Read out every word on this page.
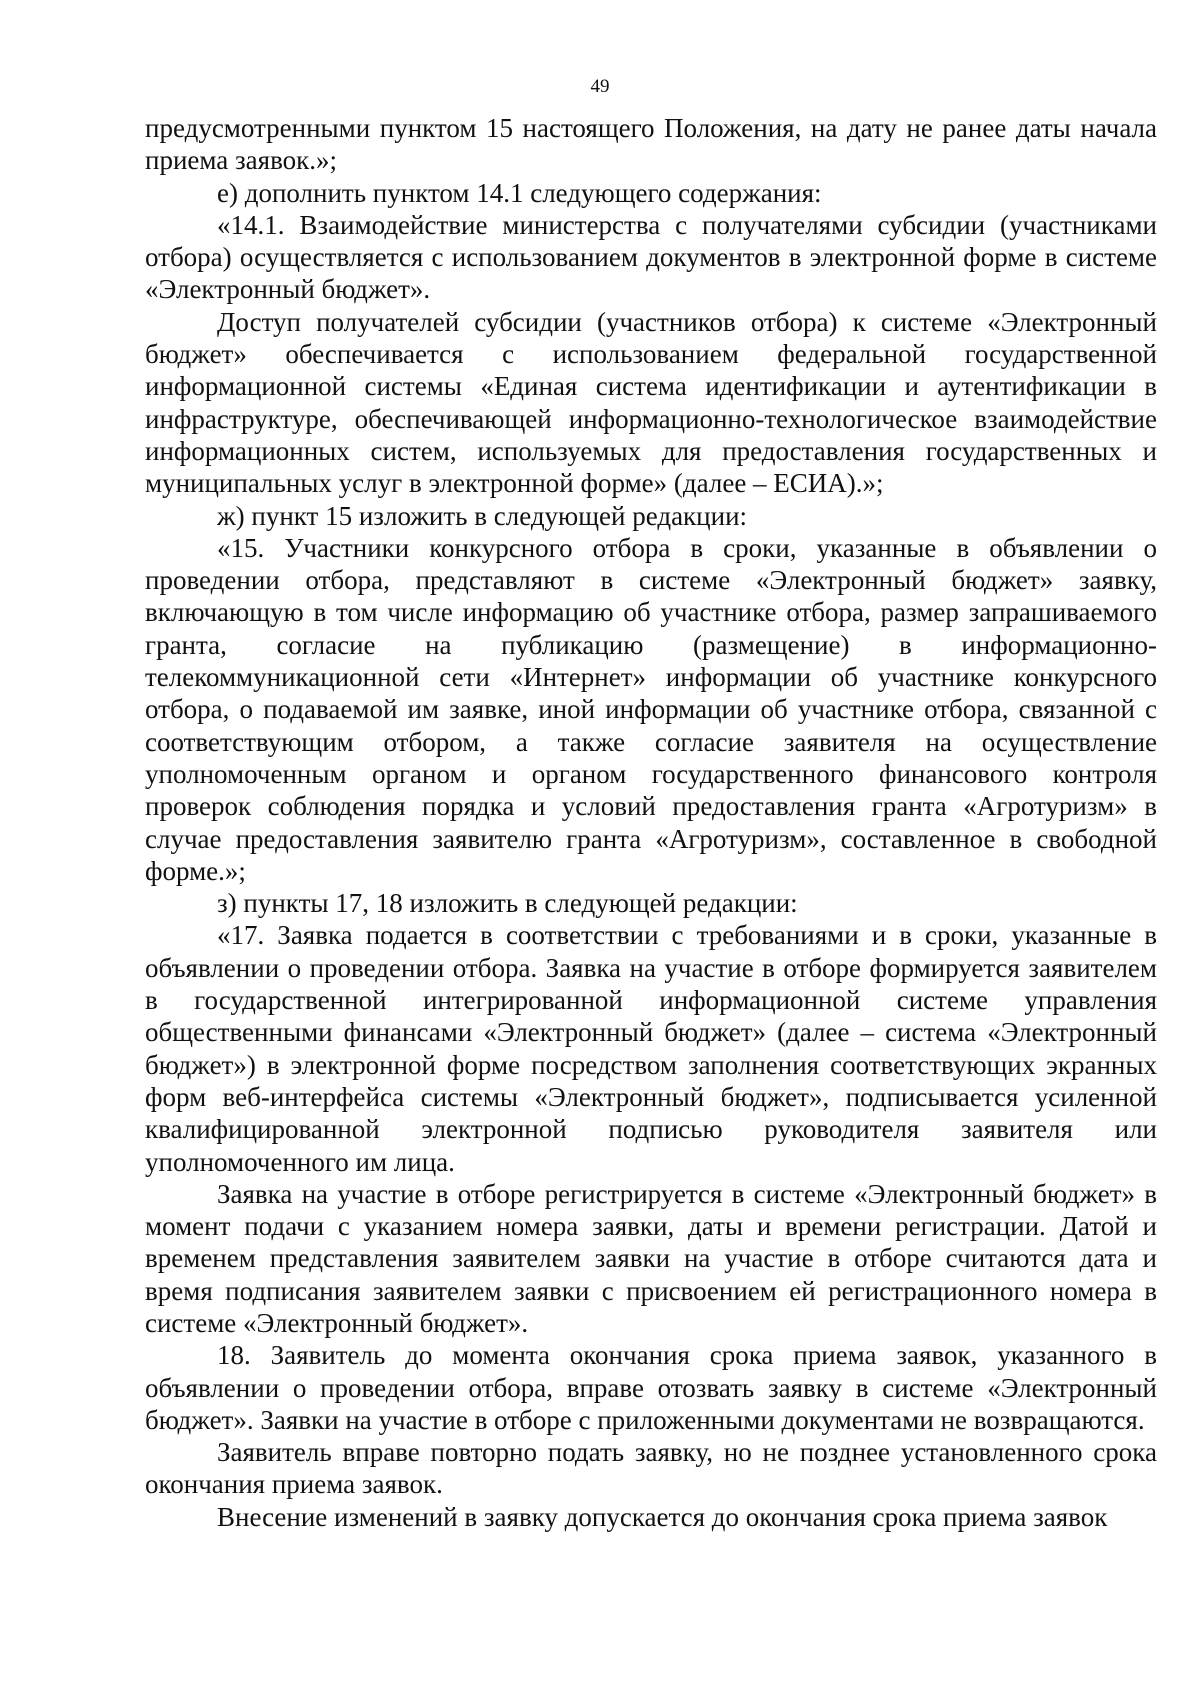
49

предусмотренными пунктом 15 настоящего Положения, на дату не ранее даты начала приема заявок.»;

е) дополнить пунктом 14.1 следующего содержания:

«14.1. Взаимодействие министерства с получателями субсидии (участниками отбора) осуществляется с использованием документов в электронной форме в системе «Электронный бюджет».

Доступ получателей субсидии (участников отбора) к системе «Электронный бюджет» обеспечивается с использованием федеральной государственной информационной системы «Единая система идентификации и аутентификации в инфраструктуре, обеспечивающей информационно-технологическое взаимодействие информационных систем, используемых для предоставления государственных и муниципальных услуг в электронной форме» (далее – ЕСИА).»;

ж) пункт 15 изложить в следующей редакции:

«15. Участники конкурсного отбора в сроки, указанные в объявлении о проведении отбора, представляют в системе «Электронный бюджет» заявку, включающую в том числе информацию об участнике отбора, размер запрашиваемого гранта, согласие на публикацию (размещение) в информационно-телекоммуникационной сети «Интернет» информации об участнике конкурсного отбора, о подаваемой им заявке, иной информации об участнике отбора, связанной с соответствующим отбором, а также согласие заявителя на осуществление уполномоченным органом и органом государственного финансового контроля проверок соблюдения порядка и условий предоставления гранта «Агротуризм» в случае предоставления заявителю гранта «Агротуризм», составленное в свободной форме.»;

з) пункты 17, 18 изложить в следующей редакции:

«17. Заявка подается в соответствии с требованиями и в сроки, указанные в объявлении о проведении отбора. Заявка на участие в отборе формируется заявителем в государственной интегрированной информационной системе управления общественными финансами «Электронный бюджет» (далее – система «Электронный бюджет») в электронной форме посредством заполнения соответствующих экранных форм веб-интерфейса системы «Электронный бюджет», подписывается усиленной квалифицированной электронной подписью руководителя заявителя или уполномоченного им лица.

Заявка на участие в отборе регистрируется в системе «Электронный бюджет» в момент подачи с указанием номера заявки, даты и времени регистрации. Датой и временем представления заявителем заявки на участие в отборе считаются дата и время подписания заявителем заявки с присвоением ей регистрационного номера в системе «Электронный бюджет».

18. Заявитель до момента окончания срока приема заявок, указанного в объявлении о проведении отбора, вправе отозвать заявку в системе «Электронный бюджет». Заявки на участие в отборе с приложенными документами не возвращаются.

Заявитель вправе повторно подать заявку, но не позднее установленного срока окончания приема заявок.

Внесение изменений в заявку допускается до окончания срока приема заявок
